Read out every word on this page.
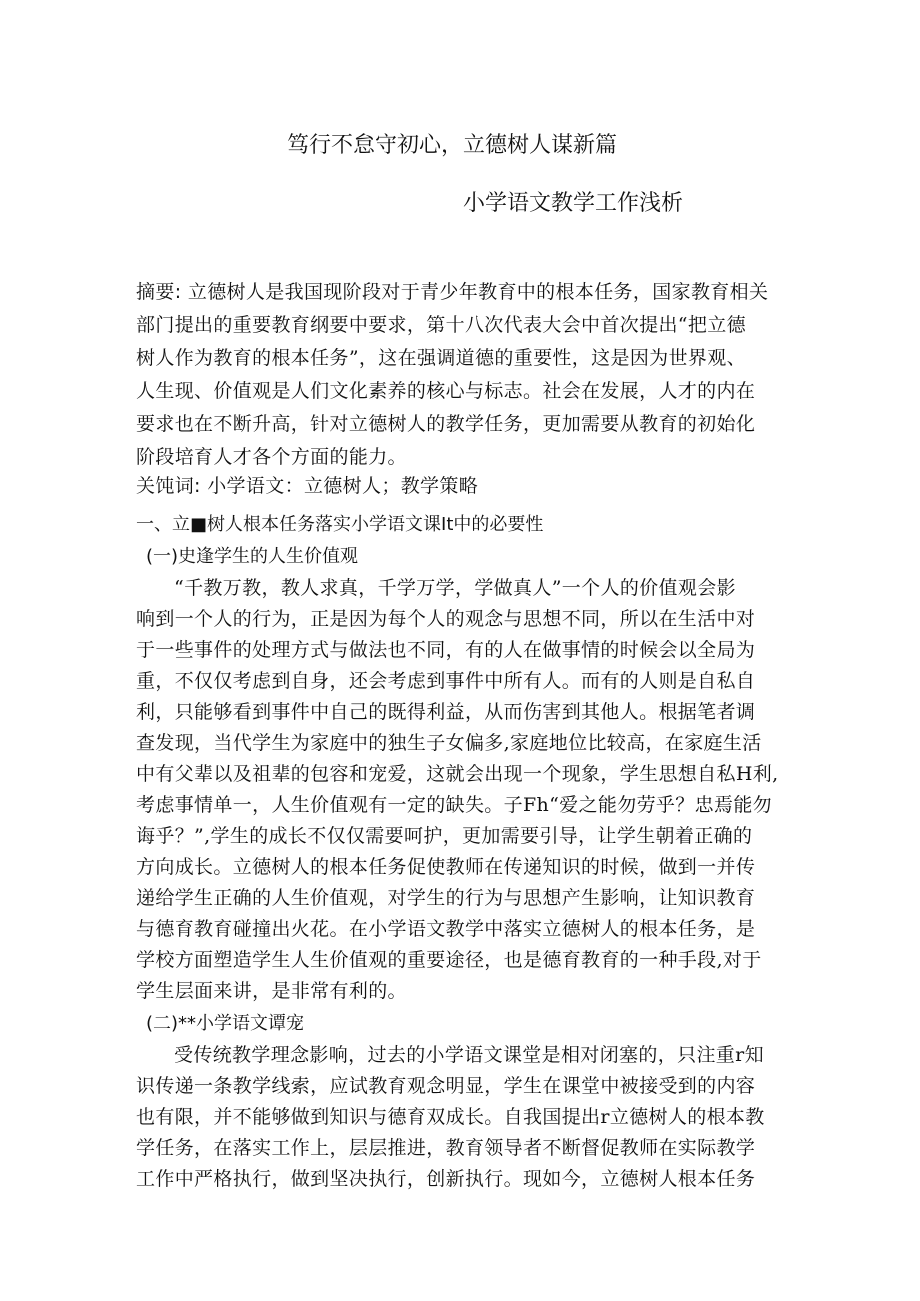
笃行不怠守初心，立德树人谋新篇
小学语文教学工作浅析
摘要: 立德树人是我国现阶段对于青少年教育中的根本任务，国家教育相关
部门提出的重要教育纲要中要求，第十八次代表大会中首次提出“把立德
树人作为教育的根本任务”，这在强调道德的重要性，这是因为世界观、
人生现、价值观是人们文化素养的核心与标志。社会在发展，人才的内在
要求也在不断升高，针对立德树人的教学任务，更加需要从教育的初始化
阶段培育人才各个方面的能力。
关饨词: 小学语文：立德树人；教学策略
一、立■树人根本任务落实小学语文课It中的必要性
(一)史逢学生的人生价值观
“千教万教，教人求真，千学万学，学做真人”一个人的价值观会影
响到一个人的行为，正是因为每个人的观念与思想不同，所以在生活中对
于一些事件的处理方式与做法也不同，有的人在做事情的时候会以全局为
重，不仅仅考虑到自身，还会考虑到事件中所有人。而有的人则是自私自
利，只能够看到事件中自己的既得利益，从而伤害到其他人。根据笔者调
查发现，当代学生为家庭中的独生子女偏多,家庭地位比较高，在家庭生活
中有父辈以及祖辈的包容和宠爱，这就会出现一个现象，学生思想自私H利,
考虑事情单一，人生价值观有一定的缺失。子Fh“爱之能勿劳乎？忠焉能勿
诲乎？”,学生的成长不仅仅需要呵护，更加需要引导，让学生朝着正确的
方向成长。立德树人的根本任务促使教师在传递知识的时候，做到一并传
递给学生正确的人生价值观，对学生的行为与思想产生影响，让知识教育
与德育教育碰撞出火花。在小学语文教学中落实立德树人的根本任务，是
学校方面塑造学生人生价值观的重要途径，也是德育教育的一种手段,对于
学生层面来讲，是非常有利的。
(二)**小学语文谭宠
受传统教学理念影响，过去的小学语文课堂是相对闭塞的，只注重r知
识传递一条教学线索，应试教育观念明显，学生在课堂中被接受到的内容
也有限，并不能够做到知识与德育双成长。自我国提出r立德树人的根本教
学任务，在落实工作上，层层推进，教育领导者不断督促教师在实际教学
工作中严格执行，做到坚决执行，创新执行。现如今，立德树人根本任务
